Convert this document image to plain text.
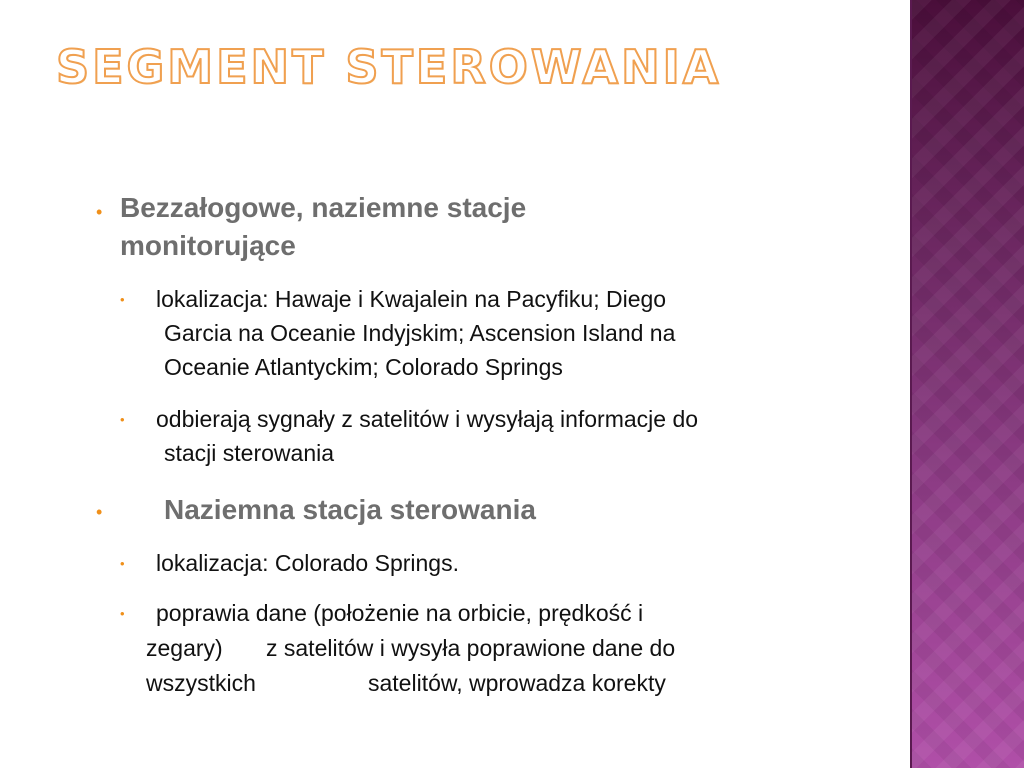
SEGMENT STEROWANIA
• Bezzałogowe, naziemne stacje
monitorujące
• lokalizacja: Hawaje i Kwajalein na Pacyfiku; Diego
Garcia na Oceanie Indyjskim; Ascension Island na
Oceanie Atlantyckim; Colorado Springs
• odbierają sygnały z satelitów i wysyłają informacje do
stacji sterowania
• Naziemna stacja sterowania
• lokalizacja: Colorado Springs.
• poprawia dane (położenie na orbicie, prędkość i
zegary) z satelitów i wysyła poprawione dane do
wszystkich	satelitów, wprowadza korekty
